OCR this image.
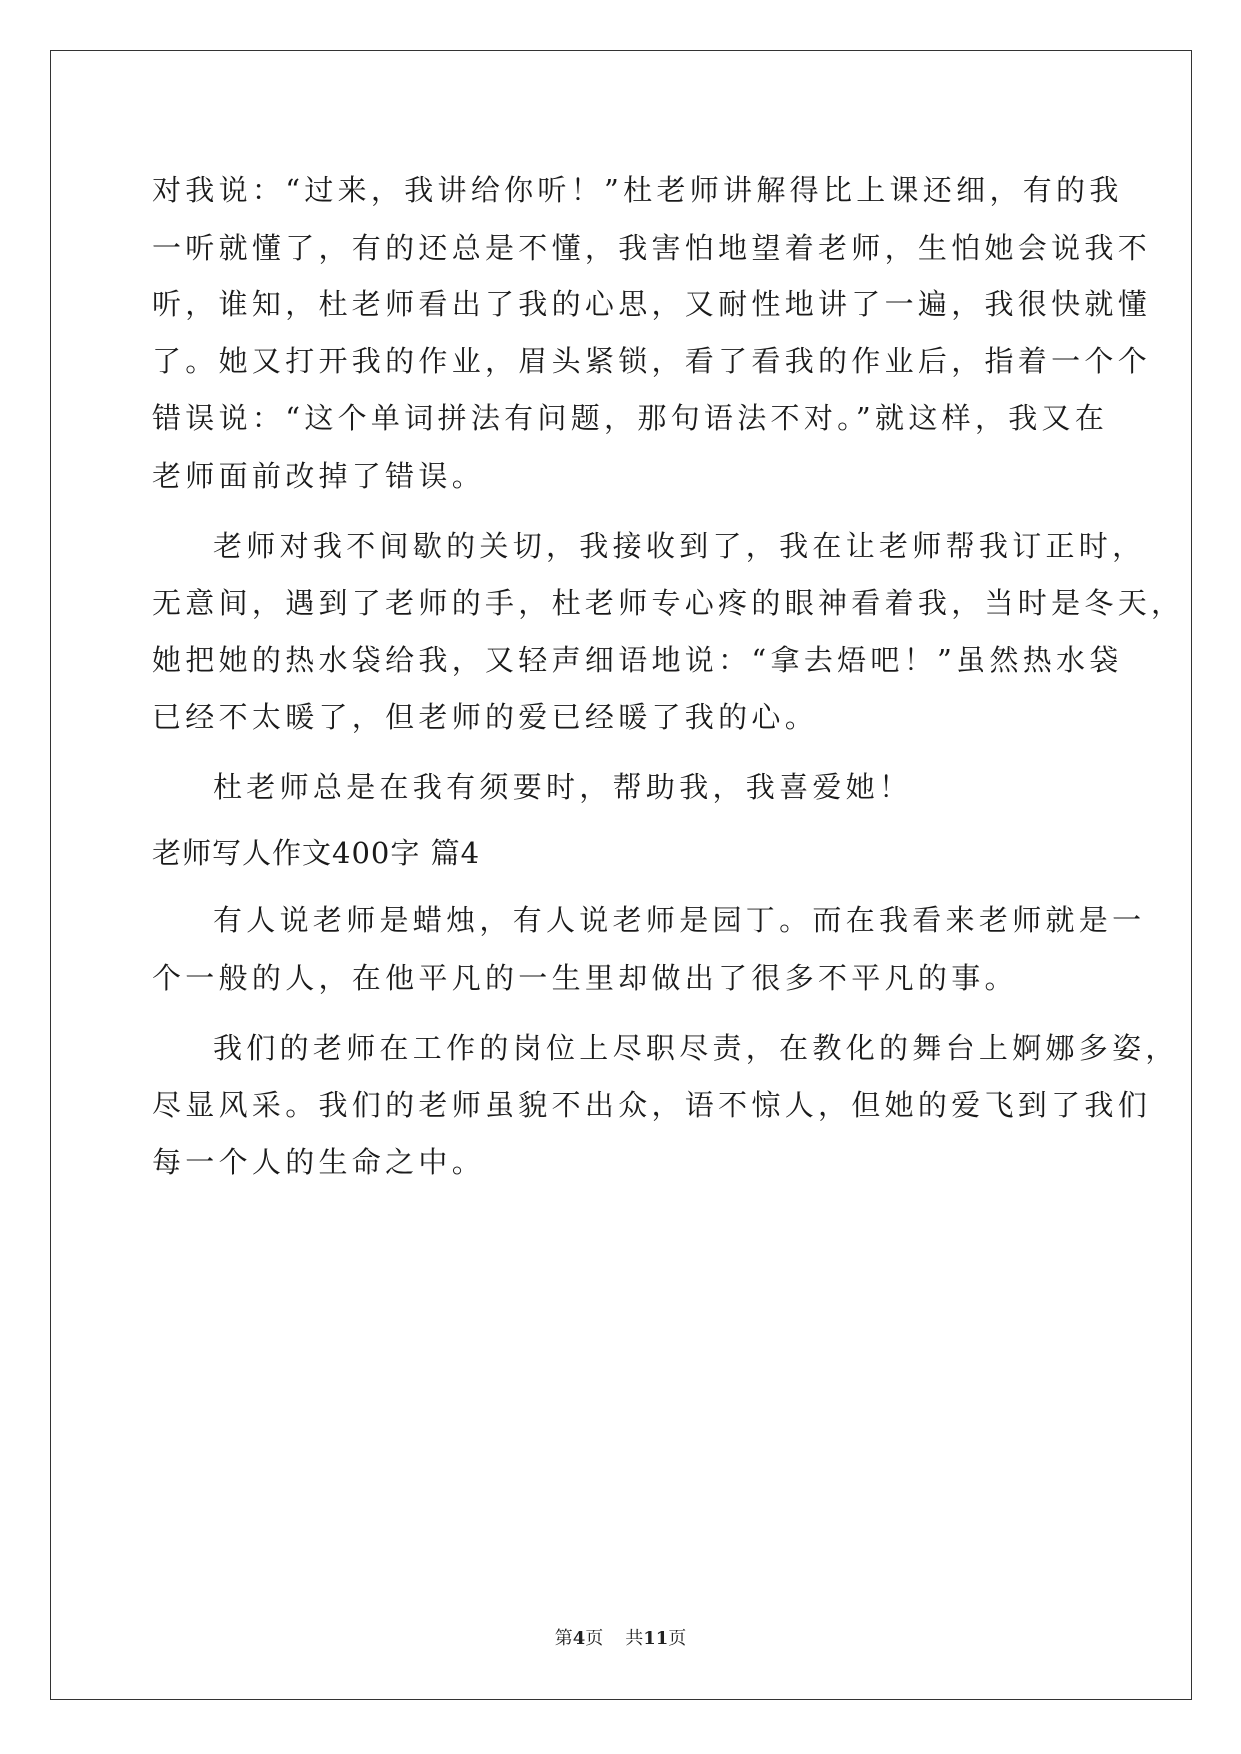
对我说：“过来，我讲给你听！”杜老师讲解得比上课还细，有的我
一听就懂了，有的还总是不懂，我害怕地望着老师，生怕她会说我不
听，谁知，杜老师看出了我的心思，又耐性地讲了一遍，我很快就懂
了。她又打开我的作业，眉头紧锁，看了看我的作业后，指着一个个
错误说：“这个单词拼法有问题，那句语法不对。”就这样，我又在
老师面前改掉了错误。
老师对我不间歇的关切，我接收到了，我在让老师帮我订正时，
无意间，遇到了老师的手，杜老师专心疼的眼神看着我，当时是冬天，
她把她的热水袋给我，又轻声细语地说：“拿去焐吧！”虽然热水袋
已经不太暖了，但老师的爱已经暖了我的心。
杜老师总是在我有须要时，帮助我，我喜爱她！
老师写人作文400字 篇4
有人说老师是蜡烛，有人说老师是园丁。而在我看来老师就是一
个一般的人，在他平凡的一生里却做出了很多不平凡的事。
我们的老师在工作的岗位上尽职尽责，在教化的舞台上婀娜多姿，
尽显风采。我们的老师虽貌不出众，语不惊人，但她的爱飞到了我们
每一个人的生命之中。
第4页 共11页
